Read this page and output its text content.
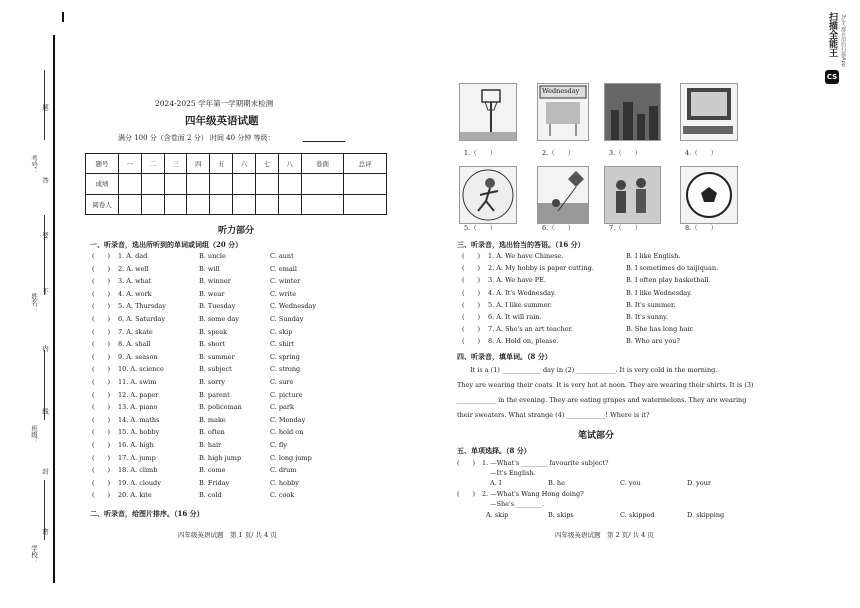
考号：
姓名：
班级：
学校：
题
答
要
不
内
线
封
密
2024-2025 学年第一学期期末检测
四年级英语试题
满分 100 分（含卷面 2 分） 时间 40 分钟 等级：
题号	一	二	三	四	五	六	七	八	卷面	总评
成绩										
阅卷人										
听力部分
一、听录音，选出所听到的单词或词组（20 分）
(　　) 1. A. dad	B. uncle	C. aunt
(　　) 2. A. well	B. will	C. email
(　　) 3. A. what	B. winner	C. winter
(　　) 4. A. work	B. wear	C. write
(　　) 5. A. Thursday	B. Tuesday	C. Wednesday
(　　) 6. A. Saturday	B. some day	C. Sunday
(　　) 7. A. skate	B. speak	C. skip
(　　) 8. A. shall	B. short	C. shirt
(　　) 9. A. season	B. summer	C. spring
(　　) 10. A. science	B. subject	C. strong
(　　) 11. A. swim	B. sorry	C. sure
(　　) 12. A. paper	B. parent	C. picture
(　　) 13. A. piano	B. policeman	C. park
(　　) 14. A. maths	B. make	C. Monday
(　　) 15. A. hobby	B. often	C. hold on
(　　) 16. A. high	B. hair	C. fly
(　　) 17. A. jump	B. high jump	C. long jump
(　　) 18. A. climb	B. come	C. drum
(　　) 19. A. cloudy	B. Friday	C. hobby
(　　) 20. A. kite	B. cold	C. cook
二、听录音，给图片排序。（16 分）
四年级英语试题　第 1 页/ 共 4 页
1.（　　）
Wednesday
2.（　　）	3.（　　）	4.（　　）
5.（　　）	6.（　　）	7.（　　）	8.（　　）
三、听录音，选出恰当的答语。（16 分）
(　　) 1. A. We have Chinese.	B. I like English.
(　　) 2. A. My hobby is paper cutting.	B. I sometimes do taijiquan.
(　　) 3. A. We have PE.	B. I often play basketball.
(　　) 4. A. It's Wednesday.	B. I like Wednesday.
(　　) 5. A. I like summer.	B. It's summer.
(　　) 6. A. It will rain.	B. It's sunny.
(　　) 7. A. She's an art teacher.	B. She has long hair.
(　　) 8. A. Hold on, please.	B. Who are you?
四、听录音，填单词。（8 分）
It is a (1) ____________ day in (2) ____________. It is very cold in the morning.
They are wearing their coats. It is very hot at noon. They are wearing their shirts. It is (3)
____________ in the evening. They are eating grapes and watermelons. They are wearing
their sweaters. What strange (4) ____________! Where is it?
笔试部分
五、单项选择。（8 分）
(　　) 1. —What's ________ favourite subject?
—It's English.
A. I	B. he	C. you	D. your
(　　) 2. —What's Wang Hong doing?
—She's ________.
A. skip	B. skips	C. skipped	D. skipping
四年级英语试题　第 2 页/ 共 4 页
CS
扫描全能王 3亿人都在用的扫描App
